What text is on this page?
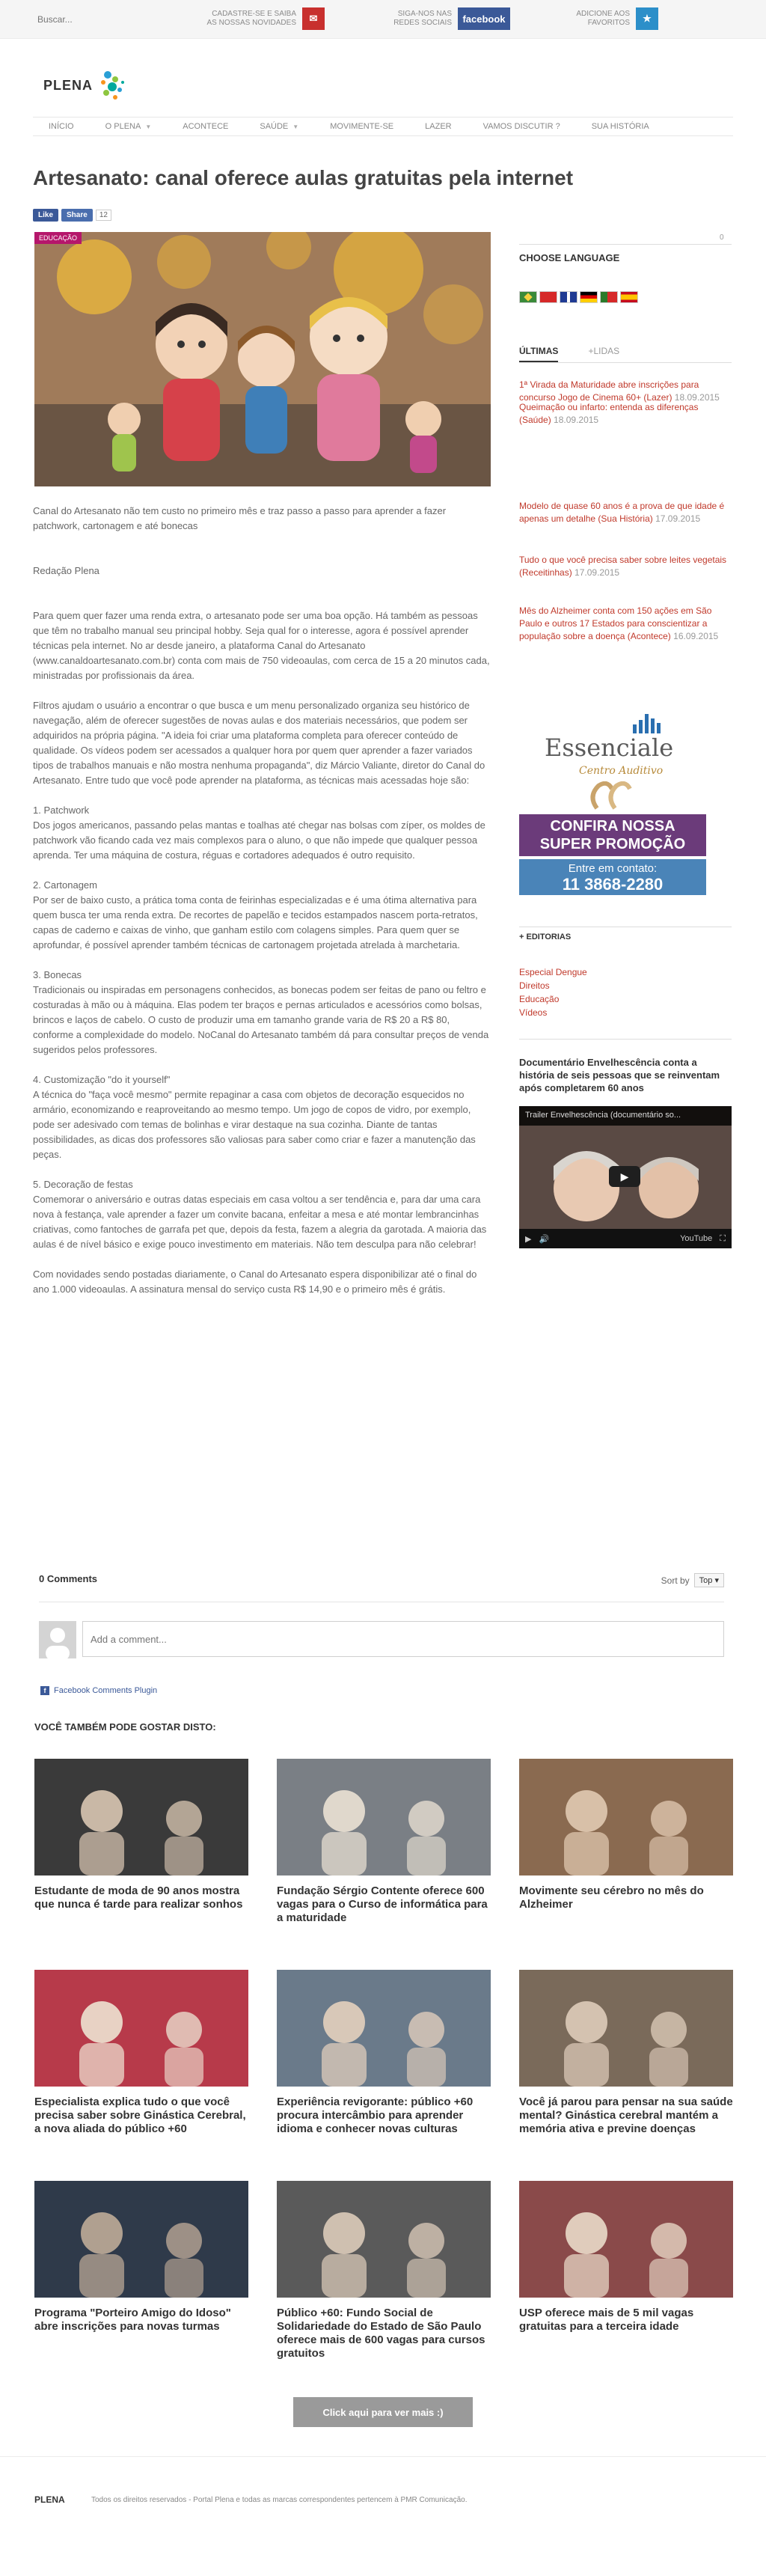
Buscar...
CADASTRE-SE E SAIBA AS NOSSAS NOVIDADES	✉	SIGA-NOS NAS REDES SOCIAIS	facebook	ADICIONE AOS FAVORITOS	★
PLENA
INÍCIO	O PLENA ▼	ACONTECE	SAÚDE ▼	MOVIMENTE-SE	LAZER	VAMOS DISCUTIR ?	SUA HISTÓRIA
Artesanato: canal oferece aulas gratuitas pela internet
Like	Share	12
EDUCAÇÃO

Canal do Artesanato não tem custo no primeiro mês e traz passo a passo para aprender a fazer patchwork, cartonagem e até bonecas

Redação Plena

Para quem quer fazer uma renda extra, o artesanato pode ser uma boa opção. Há também as pessoas que têm no trabalho manual seu principal hobby. Seja qual for o interesse, agora é possível aprender técnicas pela internet. No ar desde janeiro, a plataforma Canal do Artesanato (www.canaldoartesanato.com.br) conta com mais de 750 videoaulas, com cerca de 15 a 20 minutos cada, ministradas por profissionais da área.

Filtros ajudam o usuário a encontrar o que busca e um menu personalizado organiza seu histórico de navegação, além de oferecer sugestões de novas aulas e dos materiais necessários, que podem ser adquiridos na própria página. "A ideia foi criar uma plataforma completa para oferecer conteúdo de qualidade. Os vídeos podem ser acessados a qualquer hora por quem quer aprender a fazer variados tipos de trabalhos manuais e não mostra nenhuma propaganda", diz Márcio Valiante, diretor do Canal do Artesanato. Entre tudo que você pode aprender na plataforma, as técnicas mais acessadas hoje são:

1. Patchwork
Dos jogos americanos, passando pelas mantas e toalhas até chegar nas bolsas com zíper, os moldes de patchwork vão ficando cada vez mais complexos para o aluno, o que não impede que qualquer pessoa aprenda. Ter uma máquina de costura, réguas e cortadores adequados é outro requisito.

2. Cartonagem
Por ser de baixo custo, a prática toma conta de feirinhas especializadas e é uma ótima alternativa para quem busca ter uma renda extra. De recortes de papelão e tecidos estampados nascem porta-retratos, capas de caderno e caixas de vinho, que ganham estilo com colagens simples. Para quem quer se aprofundar, é possível aprender também técnicas de cartonagem projetada atrelada à marchetaria.

3. Bonecas
Tradicionais ou inspiradas em personagens conhecidos, as bonecas podem ser feitas de pano ou feltro e costuradas à mão ou à máquina. Elas podem ter braços e pernas articulados e acessórios como bolsas, brincos e laços de cabelo. O custo de produzir uma em tamanho grande varia de R$ 20 a R$ 80, conforme a complexidade do modelo. NoCanal do Artesanato também dá para consultar preços de venda sugeridos pelos professores.

4. Customização "do it yourself"
A técnica do "faça você mesmo" permite repaginar a casa com objetos de decoração esquecidos no armário, economizando e reaproveitando ao mesmo tempo. Um jogo de copos de vidro, por exemplo, pode ser adesivado com temas de bolinhas e virar destaque na sua cozinha. Diante de tantas possibilidades, as dicas dos professores são valiosas para saber como criar e fazer a manutenção das peças.

5. Decoração de festas
Comemorar o aniversário e outras datas especiais em casa voltou a ser tendência e, para dar uma cara nova à festança, vale aprender a fazer um convite bacana, enfeitar a mesa e até montar lembrancinhas criativas, como fantoches de garrafa pet que, depois da festa, fazem a alegria da garotada. A maioria das aulas é de nível básico e exige pouco investimento em materiais. Não tem desculpa para não celebrar!

Com novidades sendo postadas diariamente, o Canal do Artesanato espera disponibilizar até o final do ano 1.000 videoaulas. A assinatura mensal do serviço custa R$ 14,90 e o primeiro mês é grátis.

0 Comments	Sort by	Top ▾
Add a comment...
f Facebook Comments Plugin
VOCÊ TAMBÉM PODE GOSTAR DISTO:
Estudante de moda de 90 anos mostra que nunca é tarde para realizar sonhos
Fundação Sérgio Contente oferece 600 vagas para o Curso de informática para a maturidade
Movimente seu cérebro no mês do Alzheimer
Especialista explica tudo o que você precisa saber sobre Ginástica Cerebral, a nova aliada do público +60
Experiência revigorante: público +60 procura intercâmbio para aprender idioma e conhecer novas culturas
Você já parou para pensar na sua saúde mental? Ginástica cerebral mantém a memória ativa e previne doenças
Programa "Porteiro Amigo do Idoso" abre inscrições para novas turmas
Público +60: Fundo Social de Solidariedade do Estado de São Paulo oferece mais de 600 vagas para cursos gratuitos
USP oferece mais de 5 mil vagas gratuitas para a terceira idade
Click aqui para ver mais :)
PLENA	Todos os direitos reservados - Portal Plena e todas as marcas correspondentes pertencem à PMR Comunicação.
0
CHOOSE LANGUAGE
ÚLTIMAS	+LIDAS
1ª Virada da Maturidade abre inscrições para concurso Jogo de Cinema 60+ (Lazer) 18.09.2015
Queimação ou infarto: entenda as diferenças (Saúde) 18.09.2015
Modelo de quase 60 anos é a prova de que idade é apenas um detalhe (Sua História) 17.09.2015
Tudo o que você precisa saber sobre leites vegetais (Receitinhas) 17.09.2015
Mês do Alzheimer conta com 150 ações em São Paulo e outros 17 Estados para conscientizar a população sobre a doença (Acontece) 16.09.2015
Essenciale
Centro Auditivo
CONFIRA NOSSA
SUPER PROMOÇÃO
Entre em contato:
11 3868-2280
+ EDITORIAS
Especial Dengue
Direitos
Educação
Vídeos
Documentário Envelhescência conta a história de seis pessoas que se reinventam após completarem 60 anos
Trailer Envelhescência (documentário so...
▶
▶ 🔊	YouTube ⛶
